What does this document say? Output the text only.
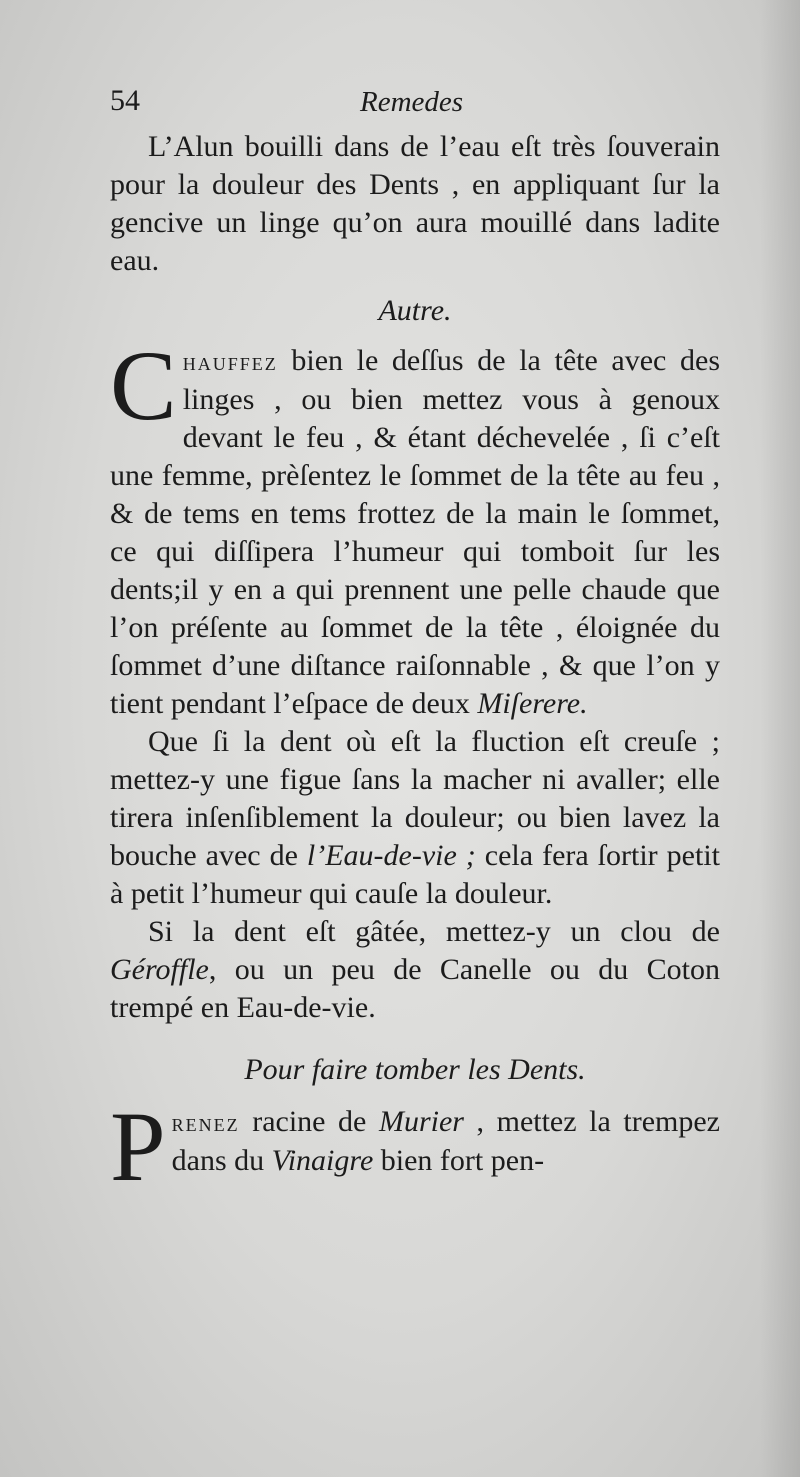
54	Remedes

L’Alun bouilli dans de l’eau eſt très ſouverain pour la douleur des Dents , en appliquant ſur la gencive un linge qu’on aura mouillé dans ladite eau.

Autre.

Chauffez bien le deſſus de la tête avec des linges , ou bien mettez vous à genoux devant le feu , & étant déchevelée , ſi c’eſt une femme, prèſentez le ſommet de la tête au feu , & de tems en tems frottez de la main le ſommet, ce qui diſſipera l’humeur qui tomboit ſur les dents;il y en a qui prennent une pelle chaude que l’on préſente au ſommet de la tête , éloignée du ſommet d’une diſtance raiſonnable , & que l’on y tient pendant l’eſpace de deux Miſerere.

Que ſi la dent où eſt la fluction eſt creuſe ; mettez-y une figue ſans la macher ni avaller; elle tirera inſenſiblement la douleur; ou bien lavez la bouche avec de l’Eau-de-vie ; cela fera ſortir petit à petit l’humeur qui cauſe la douleur.

Si la dent eſt gâtée, mettez-y un clou de Géroffle, ou un peu de Canelle ou du Coton trempé en Eau-de-vie.

Pour faire tomber les Dents.

Prenez racine de Murier , mettez la trempez dans du Vinaigre bien fort pen-
